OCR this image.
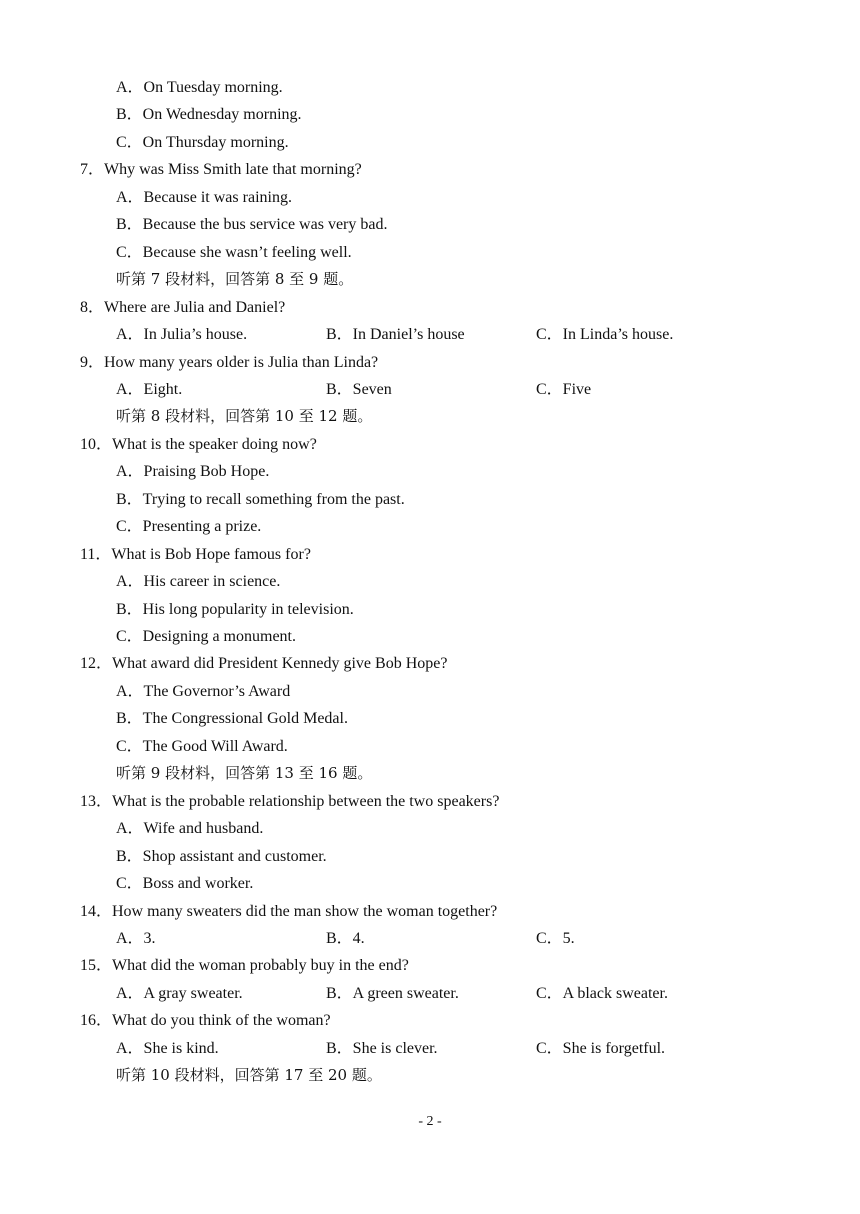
A．On Tuesday morning.
B．On Wednesday morning.
C．On Thursday morning.
7．Why was Miss Smith late that morning?
A．Because it was raining.
B．Because the bus service was very bad.
C．Because she wasn’t feeling well.
听第 7 段材料，回答第 8 至 9 题。
8．Where are Julia and Daniel?
A．In Julia’s house.	B．In Daniel’s house	C．In Linda’s house.
9．How many years older is Julia than Linda?
A．Eight.	B．Seven	C．Five
听第 8 段材料，回答第 10 至 12 题。
10．What is the speaker doing now?
A．Praising Bob Hope.
B．Trying to recall something from the past.
C．Presenting a prize.
11．What is Bob Hope famous for?
A．His career in science.
B．His long popularity in television.
C．Designing a monument.
12．What award did President Kennedy give Bob Hope?
A．The Governor’s Award
B．The Congressional Gold Medal.
C．The Good Will Award.
听第 9 段材料，回答第 13 至 16 题。
13．What is the probable relationship between the two speakers?
A．Wife and husband.
B．Shop assistant and customer.
C．Boss and worker.
14．How many sweaters did the man show the woman together?
A．3.	B．4.	C．5.
15．What did the woman probably buy in the end?
A．A gray sweater.	B．A green sweater.	C．A black sweater.
16．What do you think of the woman?
A．She is kind.	B．She is clever.	C．She is forgetful.
听第 10 段材料，回答第 17 至 20 题。
- 2 -
